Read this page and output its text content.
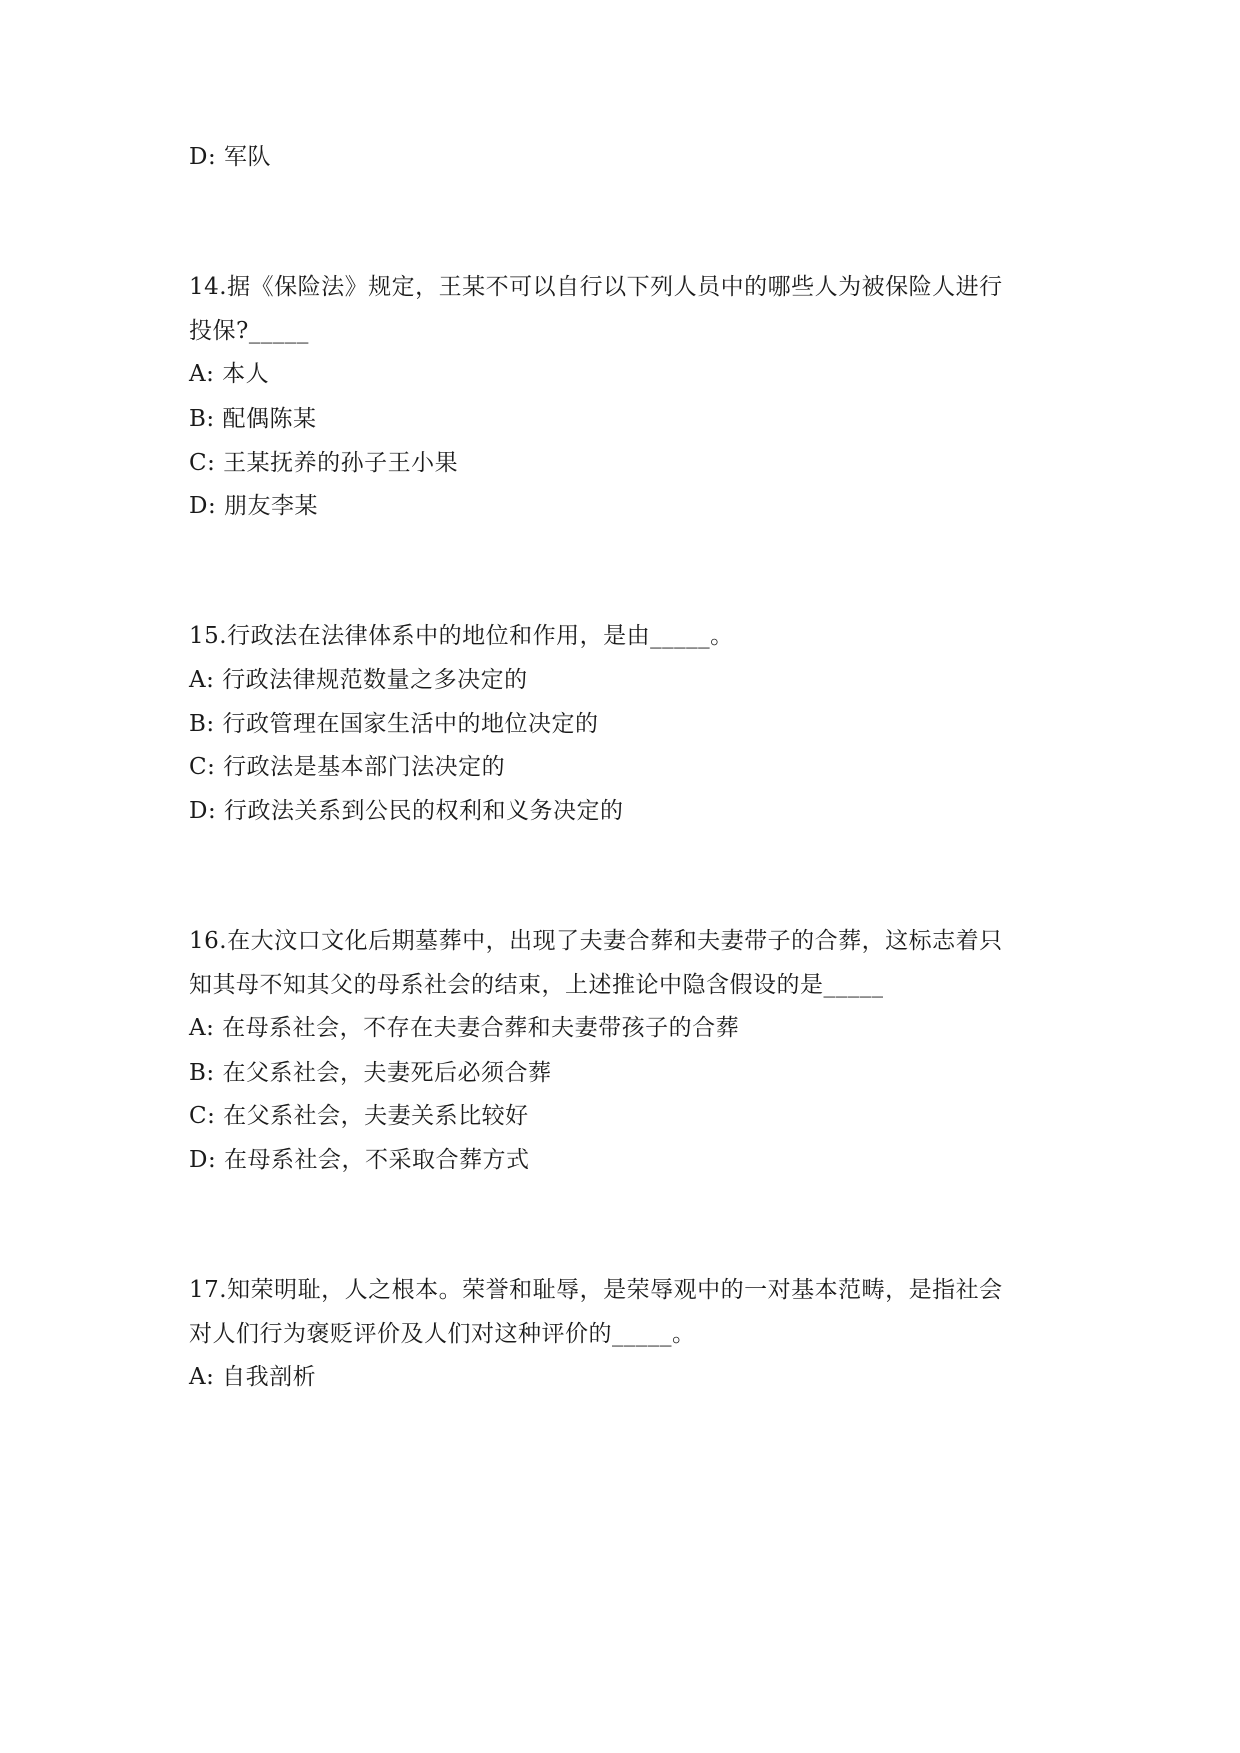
D: 军队
14.据《保险法》规定，王某不可以自行以下列人员中的哪些人为被保险人进行
投保?_____
A: 本人
B: 配偶陈某
C: 王某抚养的孙子王小果
D: 朋友李某
15.行政法在法律体系中的地位和作用，是由_____。
A: 行政法律规范数量之多决定的
B: 行政管理在国家生活中的地位决定的
C: 行政法是基本部门法决定的
D: 行政法关系到公民的权利和义务决定的
16.在大汶口文化后期墓葬中，出现了夫妻合葬和夫妻带子的合葬，这标志着只
知其母不知其父的母系社会的结束，上述推论中隐含假设的是_____
A: 在母系社会，不存在夫妻合葬和夫妻带孩子的合葬
B: 在父系社会，夫妻死后必须合葬
C: 在父系社会，夫妻关系比较好
D: 在母系社会，不采取合葬方式
17.知荣明耻，人之根本。荣誉和耻辱，是荣辱观中的一对基本范畴，是指社会
对人们行为褒贬评价及人们对这种评价的_____。
A: 自我剖析
